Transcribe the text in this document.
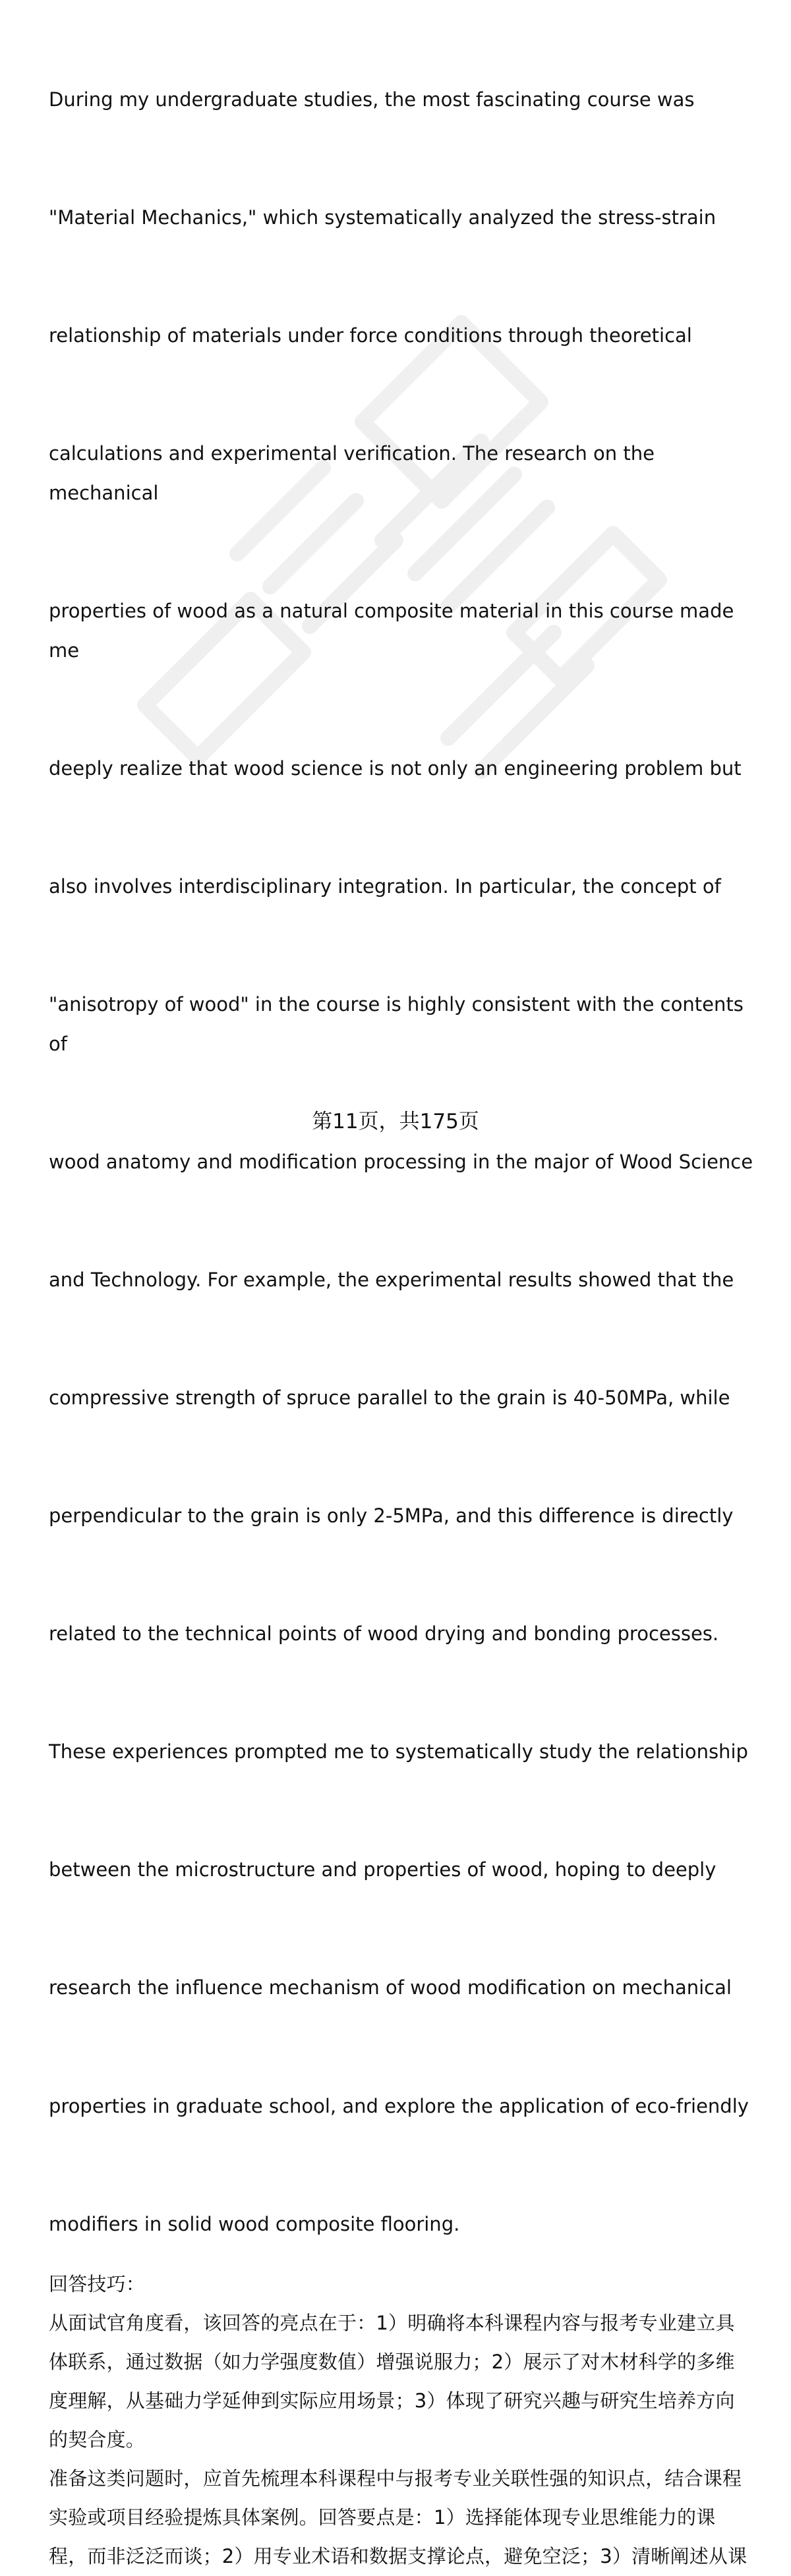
During my undergraduate studies, the most fascinating course was

"Material Mechanics," which systematically analyzed the stress-strain

relationship of materials under force conditions through theoretical

calculations and experimental verification. The research on the mechanical

properties of wood as a natural composite material in this course made me

deeply realize that wood science is not only an engineering problem but

also involves interdisciplinary integration. In particular, the concept of

"anisotropy of wood" in the course is highly consistent with the contents of

wood anatomy and modification processing in the major of Wood Science

and Technology. For example, the experimental results showed that the

compressive strength of spruce parallel to the grain is 40-50MPa, while

perpendicular to the grain is only 2-5MPa, and this difference is directly

related to the technical points of wood drying and bonding processes.

These experiences prompted me to systematically study the relationship

between the microstructure and properties of wood, hoping to deeply

research the influence mechanism of wood modification on mechanical

properties in graduate school, and explore the application of eco-friendly

modifiers in solid wood composite flooring.

回答技巧：

从面试官角度看，该回答的亮点在于：1）明确将本科课程内容与报考专业建立具
体联系，通过数据（如力学强度数值）增强说服力；2）展示了对木材科学的多维
度理解，从基础力学延伸到实际应用场景；3）体现了研究兴趣与研究生培养方向
的契合度。

准备这类问题时，应首先梳理本科课程中与报考专业关联性强的知识点，结合课程
实验或项目经验提炼具体案例。回答要点是：1）选择能体现专业思维能力的课
程，而非泛泛而谈；2）用专业术语和数据支撑论点，避免空泛；3）清晰阐述从课

第11页，共175页
